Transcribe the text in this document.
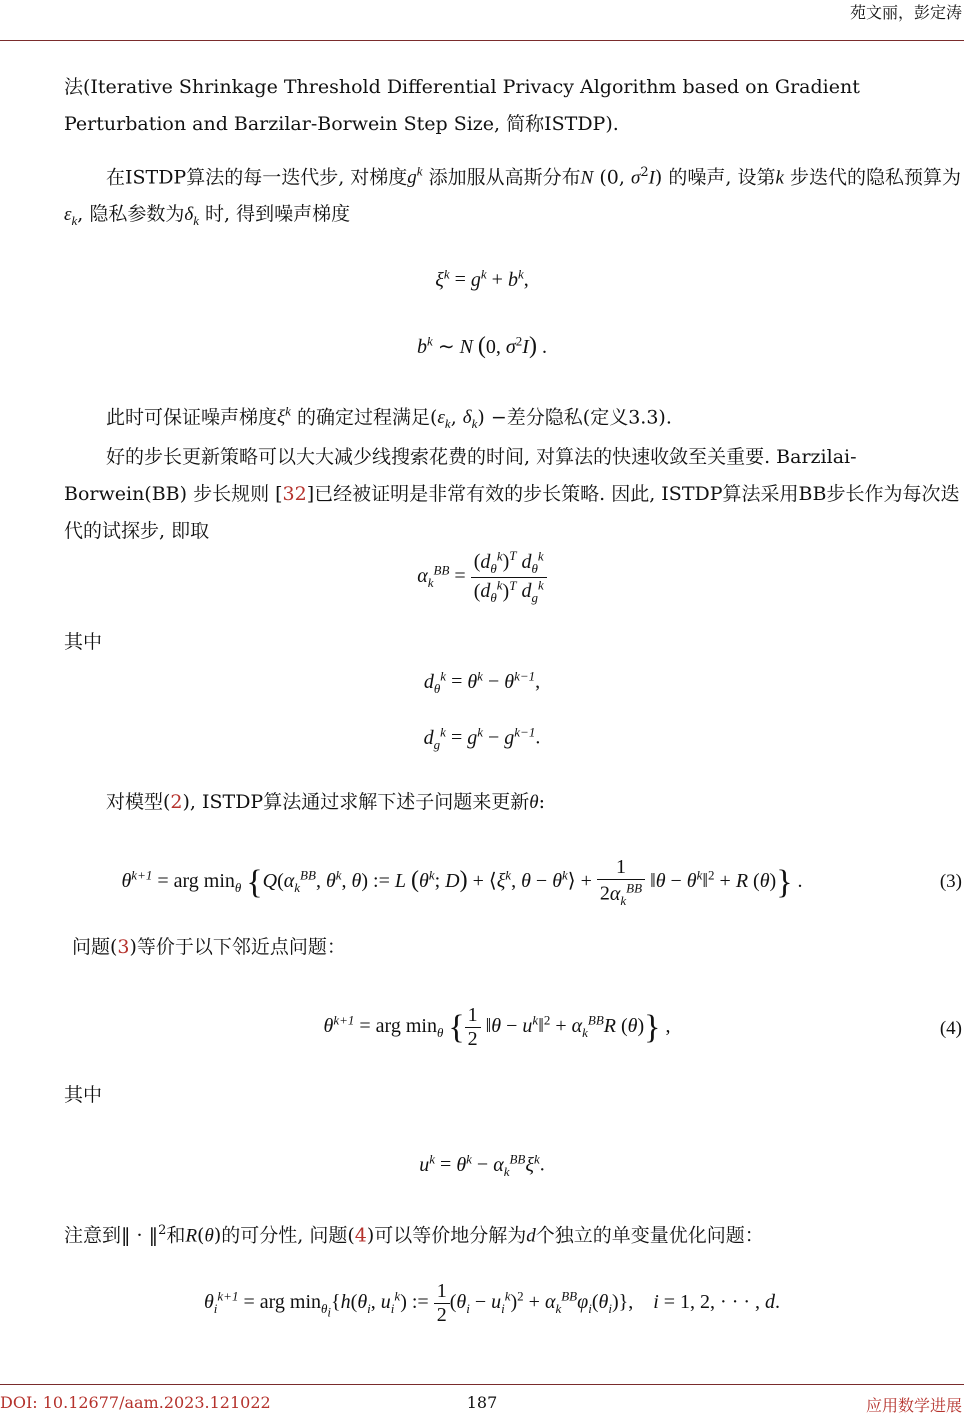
苑文丽，彭定涛
法(Iterative Shrinkage Threshold Differential Privacy Algorithm based on Gradient Perturbation and Barzilar-Borwein Step Size, 简称ISTDP).
在ISTDP算法的每一迭代步, 对梯度$g^k$ 添加服从高斯分布N (0, $\sigma^2I$) 的噪声, 设第k 步迭代的隐私预算为$\varepsilon_k$, 隐私参数为$\delta_k$ 时, 得到噪声梯度
$\xi^k = g^k + b^k$,
$b^k$ ∼ N (0, $\sigma^2I$) .
此时可保证噪声梯度$\xi^k$ 的确定过程满足($\varepsilon_k$, $\delta_k$) −差分隐私(定义3.3).
好的步长更新策略可以大大减少线搜索花费的时间, 对算法的快速收敛至关重要. Barzilai-Borwein(BB) 步长规则 [32]已经被证明是非常有效的步长策略. 因此, ISTDP算法采用BB步长作为每次迭代的试探步, 即取
$\alpha_k^{BB} = \frac{(d_\theta^k)^T d_\theta^k}{(d_\theta^k)^T d_g^k}$
其中
$d_\theta^k = \theta^k - \theta^{k-1}$,
$d_g^k = g^k - g^{k-1}$.
对模型(2), ISTDP算法通过求解下述子问题来更新θ:
$\theta^{k+1}$ = arg $\min_\theta \{Q(\alpha_k^{BB}$, $\theta^k$, θ) := L ($\theta^k$; $D) + ⟨\xi^k$, $\theta - \theta^k⟩ + \frac{1}{2\alpha_k^{BB}}$ ‖θ − $\theta^k‖^2 + R$ (θ)} .	(3)
问题(3)等价于以下邻近点问题：
$\theta^{k+1}$ = arg $\min_\theta$ { $\frac{1}{2}$ ‖θ − $u^k‖^2 + \alpha_k^{BB}R$ (θ)} ,	(4)
其中
$u^k = \theta^k - \alpha_k^{BB}\xi^k$.
注意到‖ · ‖$^2$和R(θ)的可分性, 问题(4)可以等价地分解为d个独立的单变量优化问题：
$\theta_i^{k+1}$ = arg $\min_{\theta_i}\{h(\theta_i$, $u_i^k$) := $\frac{1}{2} (\theta_i - u_i^k)^2 + \alpha_k^{BB}\varphi_i(\theta_i)$},    i = 1, 2, · · · , d.
187
DOI: 10.12677/aam.2023.121022	应用数学进展
